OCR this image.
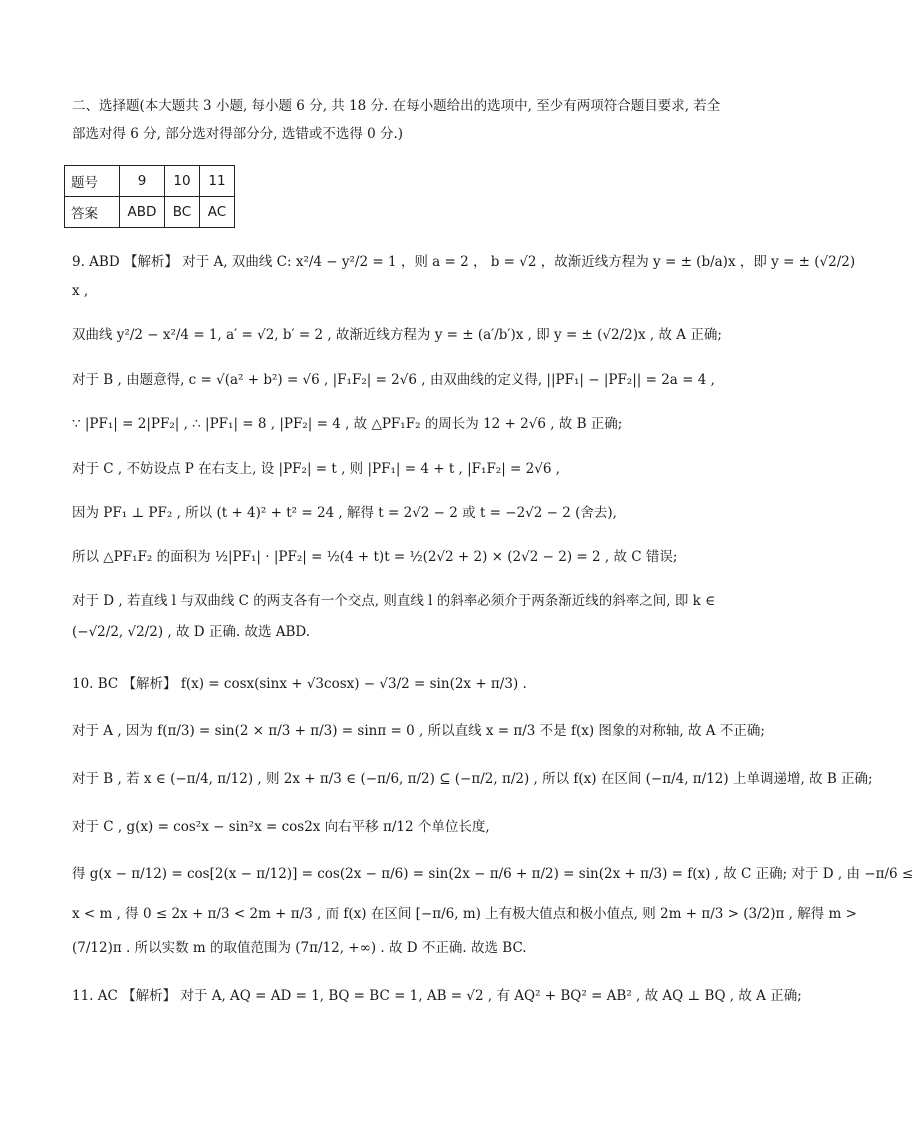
二、选择题(本大题共 3 小题, 每小题 6 分, 共 18 分. 在每小题给出的选项中, 至少有两项符合题目要求, 若全
部选对得 6 分, 部分选对得部分分, 选错或不选得 0 分.)
题号	9	10	11
答案	ABD	BC	AC
9. ABD 【解析】 对于 A, 双曲线 C: x²/4 − y²/2 = 1 ，则 a = 2 ， b = √2 ，故渐近线方程为 y = ± (b/a)x ，即 y = ± (√2/2)
x ,
双曲线 y²/2 − x²/4 = 1, a′ = √2, b′ = 2 , 故渐近线方程为 y = ± (a′/b′)x , 即 y = ± (√2/2)x , 故 A 正确;
对于 B , 由题意得, c = √(a² + b²) = √6 , |F₁F₂| = 2√6 , 由双曲线的定义得, ||PF₁| − |PF₂|| = 2a = 4 ,
∵ |PF₁| = 2|PF₂| , ∴ |PF₁| = 8 , |PF₂| = 4 , 故 △PF₁F₂ 的周长为 12 + 2√6 , 故 B 正确;
对于 C , 不妨设点 P 在右支上, 设 |PF₂| = t , 则 |PF₁| = 4 + t , |F₁F₂| = 2√6 ,
因为 PF₁ ⊥ PF₂ , 所以 (t + 4)² + t² = 24 , 解得 t = 2√2 − 2 或 t = −2√2 − 2 (舍去),
所以 △PF₁F₂ 的面积为 ½|PF₁| · |PF₂| = ½(4 + t)t = ½(2√2 + 2) × (2√2 − 2) = 2 , 故 C 错误;
对于 D , 若直线 l 与双曲线 C 的两支各有一个交点, 则直线 l 的斜率必须介于两条渐近线的斜率之间, 即 k ∈
(−√2/2, √2/2) , 故 D 正确. 故选 ABD.
10. BC 【解析】 f(x) = cosx(sinx + √3cosx) − √3/2 = sin(2x + π/3) .
对于 A , 因为 f(π/3) = sin(2 × π/3 + π/3) = sinπ = 0 , 所以直线 x = π/3 不是 f(x) 图象的对称轴, 故 A 不正确;
对于 B , 若 x ∈ (−π/4, π/12) , 则 2x + π/3 ∈ (−π/6, π/2) ⊆ (−π/2, π/2) , 所以 f(x) 在区间 (−π/4, π/12) 上单调递增, 故 B 正确;
对于 C , g(x) = cos²x − sin²x = cos2x 向右平移 π/12 个单位长度,
得 g(x − π/12) = cos[2(x − π/12)] = cos(2x − π/6) = sin(2x − π/6 + π/2) = sin(2x + π/3) = f(x) , 故 C 正确; 对于 D , 由 −π/6 ≤
x < m , 得 0 ≤ 2x + π/3 < 2m + π/3 , 而 f(x) 在区间 [−π/6, m) 上有极大值点和极小值点, 则 2m + π/3 > (3/2)π , 解得 m >
(7/12)π . 所以实数 m 的取值范围为 (7π/12, +∞) . 故 D 不正确. 故选 BC.
11. AC 【解析】 对于 A, AQ = AD = 1, BQ = BC = 1, AB = √2 , 有 AQ² + BQ² = AB² , 故 AQ ⊥ BQ , 故 A 正确;
